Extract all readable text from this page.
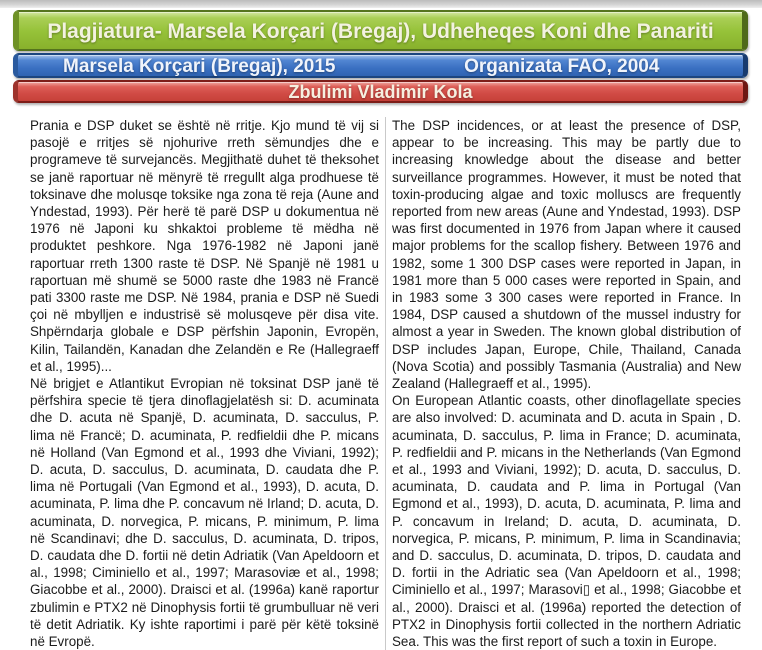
Plagjiatura- Marsela Korçari (Bregaj), Udheheqes Koni dhe Panariti
Marsela Korçari (Bregaj), 2015	Organizata FAO, 2004
Zbulimi Vladimir Kola

Prania e DSP duket se është në rritje. Kjo mund të vij si pasojë e rritjes së njohurive rreth sëmundjes dhe e programeve të survejancës. Megjithatë duhet të theksohet se janë raportuar në mënyrë të rregullt alga prodhuese të toksinave dhe molusqe toksike nga zona të reja (Aune and Yndestad, 1993). Për herë të parë DSP u dokumentua në 1976 në Japoni ku shkaktoi probleme të mëdha në produktet peshkore. Nga 1976-1982 në Japoni janë raportuar rreth 1300 raste të DSP. Në Spanjë në 1981 u raportuan më shumë se 5000 raste dhe 1983 në Francë pati 3300 raste me DSP. Në 1984, prania e DSP në Suedi çoi në mbylljen e industrisë së molusqeve për disa vite. Shpërndarja globale e DSP përfshin Japonin, Evropën, Kilin, Tailandën, Kanadan dhe Zelandën e Re (Hallegraeff et al., 1995)...

Në brigjet e Atlantikut Evropian në toksinat DSP janë të përfshira specie të tjera dinoflagjelatësh si: D. acuminata dhe D. acuta në Spanjë, D. acuminata, D. sacculus, P. lima në Francë; D. acuminata, P. redfieldii dhe P. micans në Holland (Van Egmond et al., 1993 dhe Viviani, 1992); D. acuta, D. sacculus, D. acuminata, D. caudata dhe P. lima në Portugali (Van Egmond et al., 1993), D. acuta, D. acuminata, P. lima dhe P. concavum në Irland; D. acuta, D. acuminata, D. norvegica, P. micans, P. minimum, P. lima në Scandinavi; dhe D. sacculus, D. acuminata, D. tripos, D. caudata dhe D. fortii në detin Adriatik (Van Apeldoorn et al., 1998; Ciminiello et al., 1997; Marasoviæ et al., 1998; Giacobbe et al., 2000). Draisci et al. (1996a) kanë raportur zbulimin e PTX2 në Dinophysis fortii të grumbulluar në veri të detit Adriatik. Ky ishte raportimi i parë për këtë toksinë në Evropë.

The DSP incidences, or at least the presence of DSP, appear to be increasing. This may be partly due to increasing knowledge about the disease and better surveillance programmes. However, it must be noted that toxin-producing algae and toxic molluscs are frequently reported from new areas (Aune and Yndestad, 1993). DSP was first documented in 1976 from Japan where it caused major problems for the scallop fishery. Between 1976 and 1982, some 1 300 DSP cases were reported in Japan, in 1981 more than 5 000 cases were reported in Spain, and in 1983 some 3 300 cases were reported in France. In 1984, DSP caused a shutdown of the mussel industry for almost a year in Sweden. The known global distribution of DSP includes Japan, Europe, Chile, Thailand, Canada (Nova Scotia) and possibly Tasmania (Australia) and New Zealand (Hallegraeff et al., 1995).

On European Atlantic coasts, other dinoflagellate species are also involved: D. acuminata and D. acuta in Spain , D. acuminata, D. sacculus, P. lima in France; D. acuminata, P. redfieldii and P. micans in the Netherlands (Van Egmond et al., 1993 and Viviani, 1992); D. acuta, D. sacculus, D. acuminata, D. caudata and P. lima in Portugal (Van Egmond et al., 1993), D. acuta, D. acuminata, P. lima and P. concavum in Ireland; D. acuta, D. acuminata, D. norvegica, P. micans, P. minimum, P. lima in Scandinavia; and D. sacculus, D. acuminata, D. tripos, D. caudata and D. fortii in the Adriatic sea (Van Apeldoorn et al., 1998; Ciminiello et al., 1997; Marasovi▯ et al., 1998; Giacobbe et al., 2000). Draisci et al. (1996a) reported the detection of PTX2 in Dinophysis fortii collected in the northern Adriatic Sea. This was the first report of such a toxin in Europe.
